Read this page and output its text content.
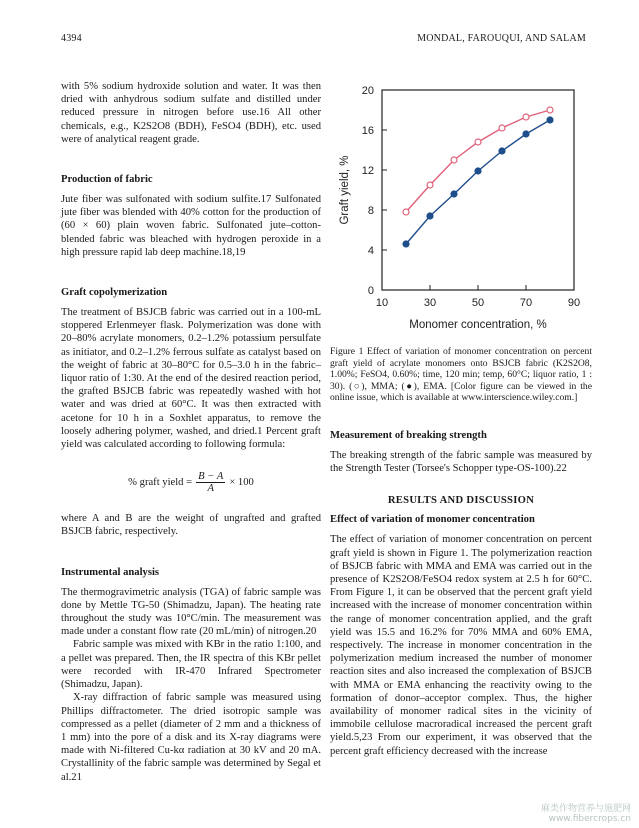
4394	MONDAL, FAROUQUI, AND SALAM

with 5% sodium hydroxide solution and water. It was then dried with anhydrous sodium sulfate and distilled under reduced pressure in nitrogen before use.16 All other chemicals, e.g., K2S2O8 (BDH), FeSO4 (BDH), etc. used were of analytical reagent grade.

Production of fabric

Jute fiber was sulfonated with sodium sulfite.17 Sulfonated jute fiber was blended with 40% cotton for the production of (60 × 60) plain woven fabric. Sulfonated jute–cotton-blended fabric was bleached with hydrogen peroxide in a high pressure rapid lab deep machine.18,19

Graft copolymerization

The treatment of BSJCB fabric was carried out in a 100-mL stoppered Erlenmeyer flask. Polymerization was done with 20–80% acrylate monomers, 0.2–1.2% potassium persulfate as initiator, and 0.2–1.2% ferrous sulfate as catalyst based on the weight of fabric at 30–80°C for 0.5–3.0 h in the fabric–liquor ratio of 1:30. At the end of the desired reaction period, the grafted BSJCB fabric was repeatedly washed with hot water and was dried at 60°C. It was then extracted with acetone for 10 h in a Soxhlet apparatus, to remove the loosely adhering polymer, washed, and dried.1 Percent graft yield was calculated according to following formula:

% graft yield = $\frac{B - A}{A} \times 100$

where A and B are the weight of ungrafted and grafted BSJCB fabric, respectively.

Instrumental analysis

The thermogravimetric analysis (TGA) of fabric sample was done by Mettle TG-50 (Shimadzu, Japan). The heating rate throughout the study was 10°C/min. The measurement was made under a constant flow rate (20 mL/min) of nitrogen.20

Fabric sample was mixed with KBr in the ratio 1:100, and a pellet was prepared. Then, the IR spectra of this KBr pellet were recorded with IR-470 Infrared Spectrometer (Shimadzu, Japan).

X-ray diffraction of fabric sample was measured using Phillips diffractometer. The dried isotropic sample was compressed as a pellet (diameter of 2 mm and a thickness of 1 mm) into the pore of a disk and its X-ray diagrams were made with Ni-filtered Cu-kα radiation at 30 kV and 20 mA. Crystallinity of the fabric sample was determined by Segal et al.21

0
4
8
12
16
20
10	30	50	70	90
Monomer concentration, %
Graft yield, %

Figure 1 Effect of variation of monomer concentration on percent graft yield of acrylate monomers onto BSJCB fabric (K2S2O8, 1.00%; FeSO4, 0.60%; time, 120 min; temp, 60°C; liquor ratio, 1 : 30). (○), MMA; (●), EMA. [Color figure can be viewed in the online issue, which is available at www.interscience.wiley.com.]

Measurement of breaking strength

The breaking strength of the fabric sample was measured by the Strength Tester (Torsee's Schopper type-OS-100).22

RESULTS AND DISCUSSION

Effect of variation of monomer concentration

The effect of variation of monomer concentration on percent graft yield is shown in Figure 1. The polymerization reaction of BSJCB fabric with MMA and EMA was carried out in the presence of K2S2O8/FeSO4 redox system at 2.5 h for 60°C. From Figure 1, it can be observed that the percent graft yield increased with the increase of monomer concentration within the range of monomer concentration applied, and the graft yield was 15.5 and 16.2% for 70% MMA and 60% EMA, respectively. The increase in monomer concentration in the polymerization medium increased the number of monomer reaction sites and also increased the complexation of BSJCB with MMA or EMA enhancing the reactivity owing to the formation of donor–acceptor complex. Thus, the higher availability of monomer radical sites in the vicinity of immobile cellulose macroradical increased the percent graft yield.5,23 From our experiment, it was observed that the percent graft efficiency decreased with the increase

麻类作物营养与施肥网
www.fibercrops.cn
